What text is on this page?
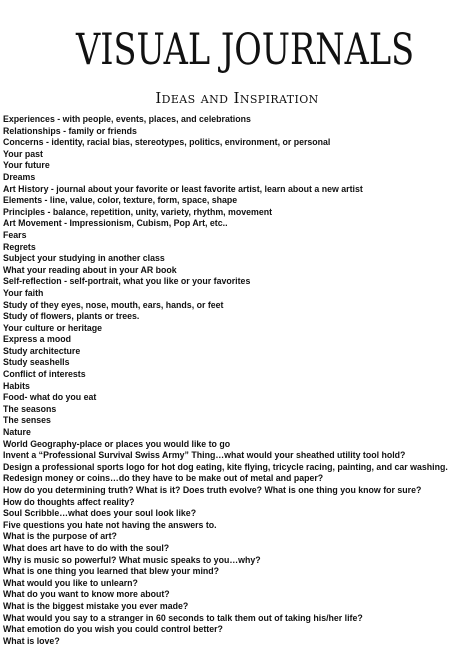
VISUAL JOURNALS
Ideas and Inspiration
Experiences - with people, events, places, and celebrations
Relationships - family or friends
Concerns - identity, racial bias, stereotypes, politics, environment, or personal
Your past
Your future
Dreams
Art History - journal about your favorite or least favorite artist, learn about a new artist
Elements - line, value, color, texture, form, space, shape
Principles - balance, repetition, unity, variety, rhythm, movement
Art Movement - Impressionism, Cubism, Pop Art, etc..
Fears
Regrets
Subject your studying in another class
What your reading about in your AR book
Self-reflection - self-portrait, what you like or your favorites
Your faith
Study of they eyes, nose, mouth, ears, hands, or feet
Study of flowers, plants or trees.
Your culture or heritage
Express a mood
Study architecture
Study seashells
Conflict of interests
Habits
Food- what do you eat
The seasons
The senses
Nature
World Geography-place or places you would like to go
Invent a “Professional Survival Swiss Army” Thing…what would your sheathed utility tool hold?
Design a professional sports logo for hot dog eating, kite flying, tricycle racing, painting, and car washing.
Redesign money or coins…do they have to be make out of metal and paper?
How do you determining truth? What is it? Does truth evolve? What is one thing you know for sure?
How do thoughts affect reality?
Soul Scribble…what does your soul look like?
Five questions you hate not having the answers to.
What is the purpose of art?
What does art have to do with the soul?
Why is music so powerful? What music speaks to you…why?
What is one thing you learned that blew your mind?
What would you like to unlearn?
What do you want to know more about?
What is the biggest mistake you ever made?
What would you say to a stranger in 60 seconds to talk them out of taking his/her life?
What emotion do you wish you could control better?
What is love?
